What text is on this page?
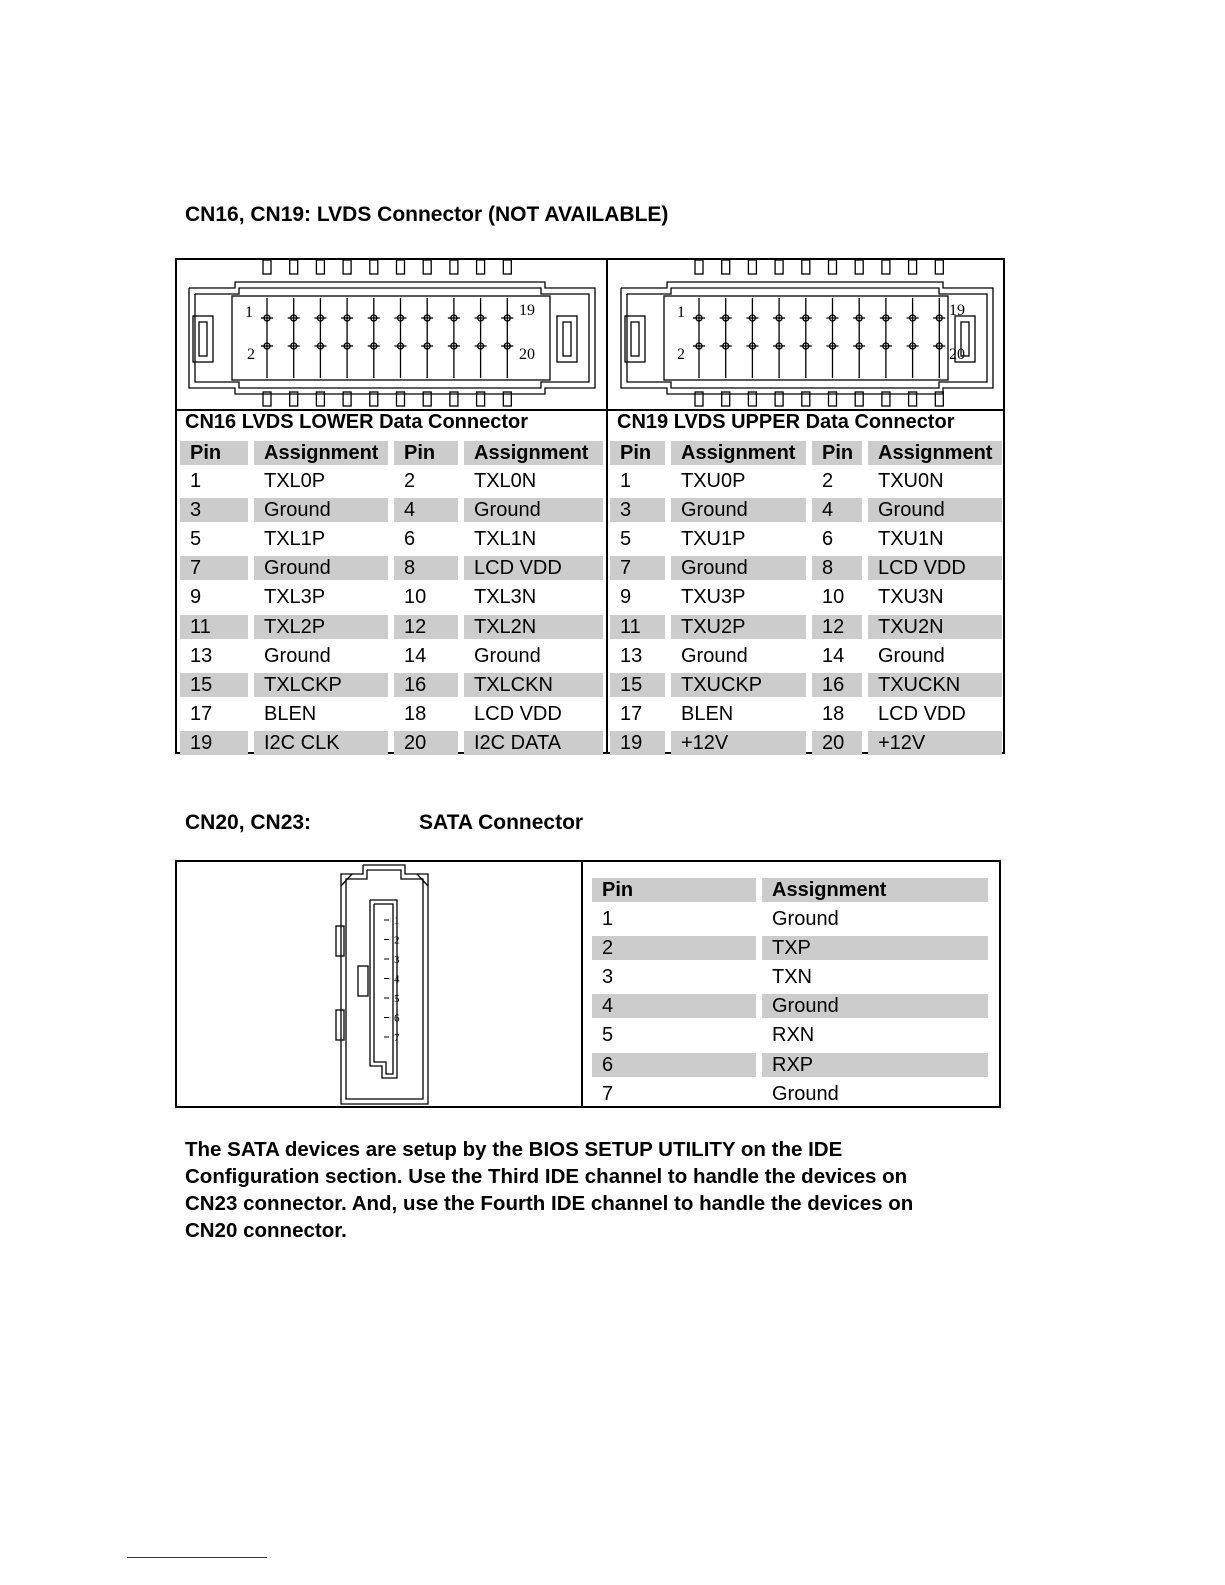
CN16, CN19: LVDS Connector (NOT AVAILABLE)
1	19
2	20
1	19
2	20
CN16 LVDS LOWER Data Connector
Pin	Assignment	Pin	Assignment
1	TXL0P	2	TXL0N
3	Ground	4	Ground
5	TXL1P	6	TXL1N
7	Ground	8	LCD VDD
9	TXL3P	10	TXL3N
11	TXL2P	12	TXL2N
13	Ground	14	Ground
15	TXLCKP	16	TXLCKN
17	BLEN	18	LCD VDD
19	I2C CLK	20	I2C DATA
CN19 LVDS UPPER Data Connector
Pin	Assignment	Pin	Assignment
1	TXU0P	2	TXU0N
3	Ground	4	Ground
5	TXU1P	6	TXU1N
7	Ground	8	LCD VDD
9	TXU3P	10	TXU3N
11	TXU2P	12	TXU2N
13	Ground	14	Ground
15	TXUCKP	16	TXUCKN
17	BLEN	18	LCD VDD
19	+12V	20	+12V
CN20, CN23:	SATA Connector
1
2
3
4
5
6
7
Pin	Assignment
1	Ground
2	TXP
3	TXN
4	Ground
5	RXN
6	RXP
7	Ground
The SATA devices are setup by the BIOS SETUP UTILITY on the IDE
Configuration section. Use the Third IDE channel to handle the devices on
CN23 connector. And, use the Fourth IDE channel to handle the devices on
CN20 connector.
